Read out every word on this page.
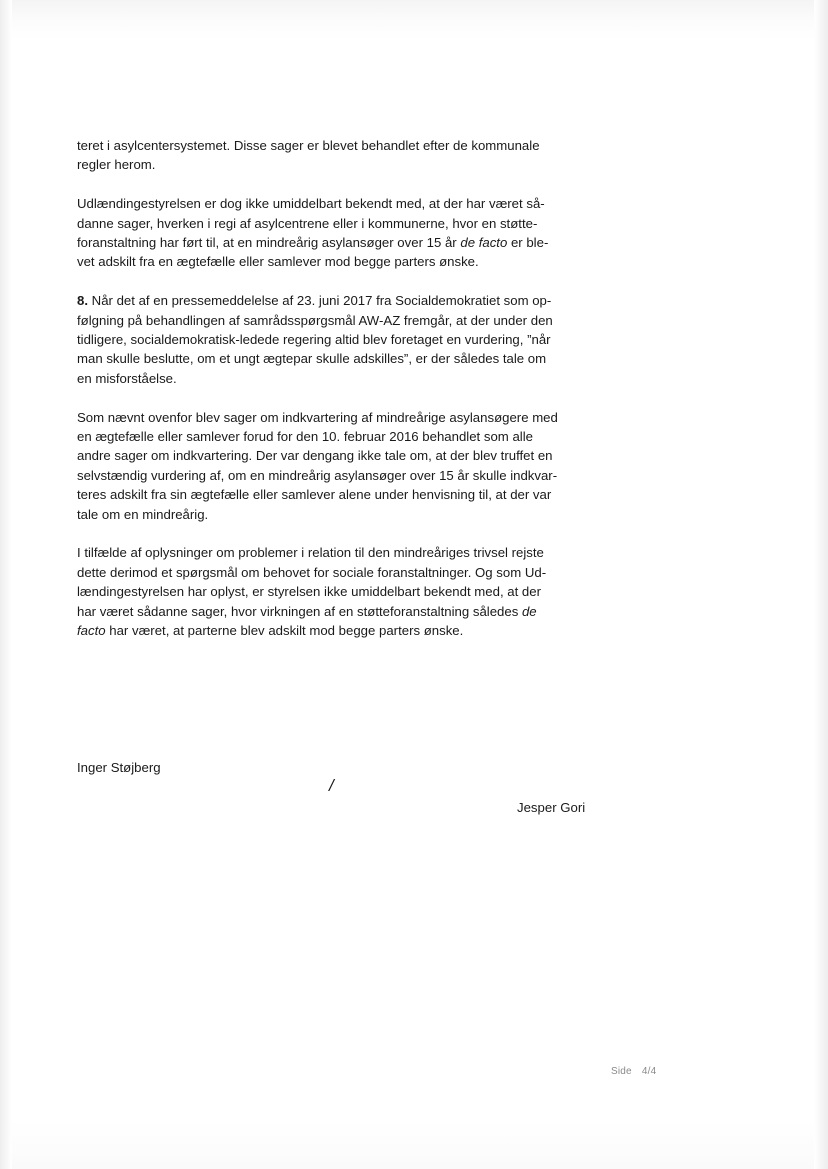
teret i asylcentersystemet. Disse sager er blevet behandlet efter de kommunale
regler herom.

Udlændingestyrelsen er dog ikke umiddelbart bekendt med, at der har været så-
danne sager, hverken i regi af asylcentrene eller i kommunerne, hvor en støtte-
foranstaltning har ført til, at en mindreårig asylansøger over 15 år de facto er ble-
vet adskilt fra en ægtefælle eller samlever mod begge parters ønske.

8. Når det af en pressemeddelelse af 23. juni 2017 fra Socialdemokratiet som op-
følgning på behandlingen af samrådsspørgsmål AW-AZ fremgår, at der under den
tidligere, socialdemokratisk-ledede regering altid blev foretaget en vurdering, ”når
man skulle beslutte, om et ungt ægtepar skulle adskilles”, er der således tale om
en misforståelse.

Som nævnt ovenfor blev sager om indkvartering af mindreårige asylansøgere med
en ægtefælle eller samlever forud for den 10. februar 2016 behandlet som alle
andre sager om indkvartering. Der var dengang ikke tale om, at der blev truffet en
selvstændig vurdering af, om en mindreårig asylansøger over 15 år skulle indkvar-
teres adskilt fra sin ægtefælle eller samlever alene under henvisning til, at der var
tale om en mindreårig.

I tilfælde af oplysninger om problemer i relation til den mindreåriges trivsel rejste
dette derimod et spørgsmål om behovet for sociale foranstaltninger. Og som Ud-
lændingestyrelsen har oplyst, er styrelsen ikke umiddelbart bekendt med, at der
har været sådanne sager, hvor virkningen af en støtteforanstaltning således de
facto har været, at parterne blev adskilt mod begge parters ønske.

Inger Støjberg
/
Jesper Gori
Side 4/4
